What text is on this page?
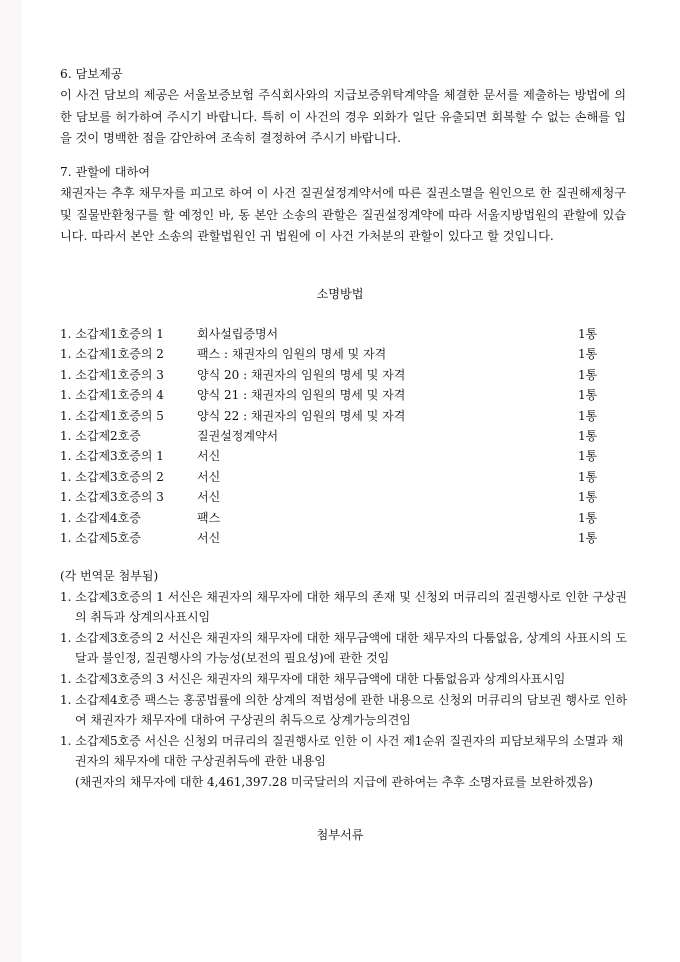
6. 담보제공

이 사건 담보의 제공은 서울보증보험 주식회사와의 지급보증위탁계약을 체결한 문서를 제출하는 방법에 의한 담보를 허가하여 주시기 바랍니다. 특히 이 사건의 경우 외화가 일단 유출되면 회복할 수 없는 손해를 입을 것이 명백한 점을 감안하여 조속히 결정하여 주시기 바랍니다.

7. 관할에 대하여

채권자는 추후 채무자를 피고로 하여 이 사건 질권설정계약서에 따른 질권소멸을 원인으로 한 질권해제청구 및 질물반환청구를 할 예정인 바, 동 본안 소송의 관할은 질권설정계약에 따라 서울지방법원의 관할에 있습니다. 따라서 본안 소송의 관할법원인 귀 법원에 이 사건 가처분의 관할이 있다고 할 것입니다.

소명방법
1. 소갑제1호증의 1	회사설립증명서	1통
1. 소갑제1호증의 2	팩스 : 채권자의 임원의 명세 및 자격	1통
1. 소갑제1호증의 3	양식 20 : 채권자의 임원의 명세 및 자격	1통
1. 소갑제1호증의 4	양식 21 : 채권자의 임원의 명세 및 자격	1통
1. 소갑제1호증의 5	양식 22 : 채권자의 임원의 명세 및 자격	1통
1. 소갑제2호증	질권설정계약서	1통
1. 소갑제3호증의 1	서신	1통
1. 소갑제3호증의 2	서신	1통
1. 소갑제3호증의 3	서신	1통
1. 소갑제4호증	팩스	1통
1. 소갑제5호증	서신	1통

(각 번역문 첨부됨)

1. 소갑제3호증의 1 서신은 채권자의 채무자에 대한 채무의 존재 및 신청외 머큐리의 질권행사로 인한 구상권의 취득과 상계의사표시임

1. 소갑제3호증의 2 서신은 채권자의 채무자에 대한 채무금액에 대한 채무자의 다툼없음, 상계의 사표시의 도달과 불인정, 질권행사의 가능성(보전의 필요성)에 관한 것임

1. 소갑제3호증의 3 서신은 채권자의 채무자에 대한 채무금액에 대한 다툼없음과 상계의사표시임

1. 소갑제4호증 팩스는 홍콩법률에 의한 상계의 적법성에 관한 내용으로 신청외 머큐리의 담보권 행사로 인하여 채권자가 채무자에 대하여 구상권의 취득으로 상계가능의견임

1. 소갑제5호증 서신은 신청외 머큐리의 질권행사로 인한 이 사건 제1순위 질권자의 피담보채무의 소멸과 채권자의 채무자에 대한 구상권취득에 관한 내용임

(채권자의 채무자에 대한 4,461,397.28 미국달러의 지급에 관하여는 추후 소명자료를 보완하겠음)

첨부서류
